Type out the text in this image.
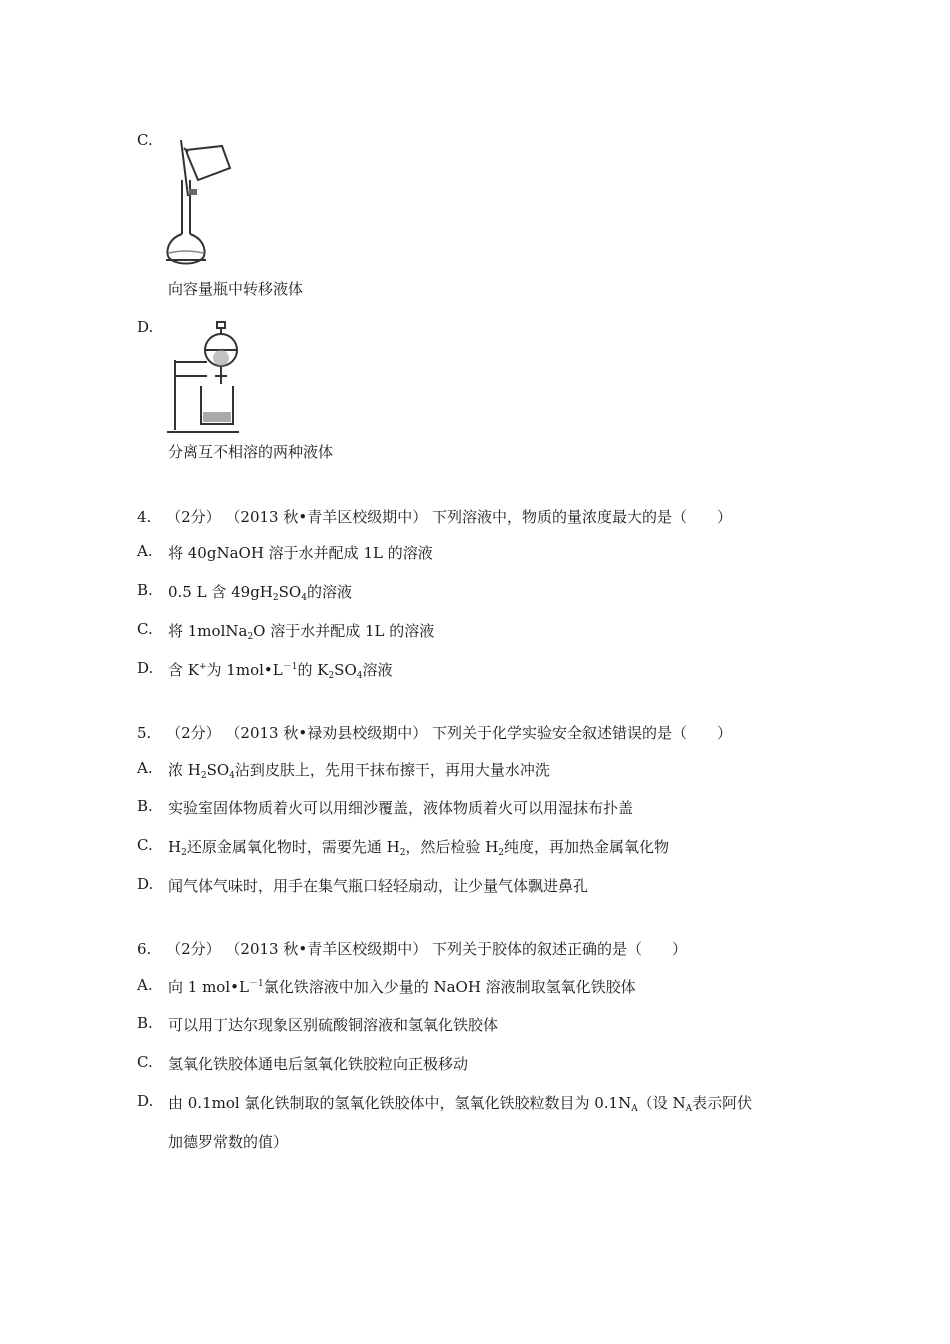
C.
向容量瓶中转移液体
D.
分离互不相溶的两种液体
4. （2分） （2013 秋•青羊区校级期中） 下列溶液中，物质的量浓度最大的是（　　）
A. 将 40gNaOH 溶于水并配成 1L 的溶液
B. 0.5 L 含 $49gH_2SO_4$的溶液
C. 将 1molNa$_2$O 溶于水并配成 1L 的溶液
D. 含 K+为 $1mol•L^{-1}$的 $K_2SO_4$溶液
5. （2分） （2013 秋•禄劝县校级期中） 下列关于化学实验安全叙述错误的是（　　）
A. 浓 $H_2SO_4$沾到皮肤上，先用干抹布擦干，再用大量水冲洗
B. 实验室固体物质着火可以用细沙覆盖，液体物质着火可以用湿抹布扑盖
C. $H_2$还原金属氧化物时，需要先通 $H_2$，然后检验 $H_2$纯度，再加热金属氧化物
D. 闻气体气味时，用手在集气瓶口轻轻扇动，让少量气体飘进鼻孔
6. （2分） （2013 秋•青羊区校级期中） 下列关于胶体的叙述正确的是（　　）
A. 向 1 $mol•L^{-1}$氯化铁溶液中加入少量的 NaOH 溶液制取氢氧化铁胶体
B. 可以用丁达尔现象区别硫酸铜溶液和氢氧化铁胶体
C. 氢氧化铁胶体通电后氢氧化铁胶粒向正极移动
D. 由 0.1mol 氯化铁制取的氢氧化铁胶体中，氢氧化铁胶粒数目为 $0.1N_A$（设 $N_A$表示阿伏
加德罗常数的值）
